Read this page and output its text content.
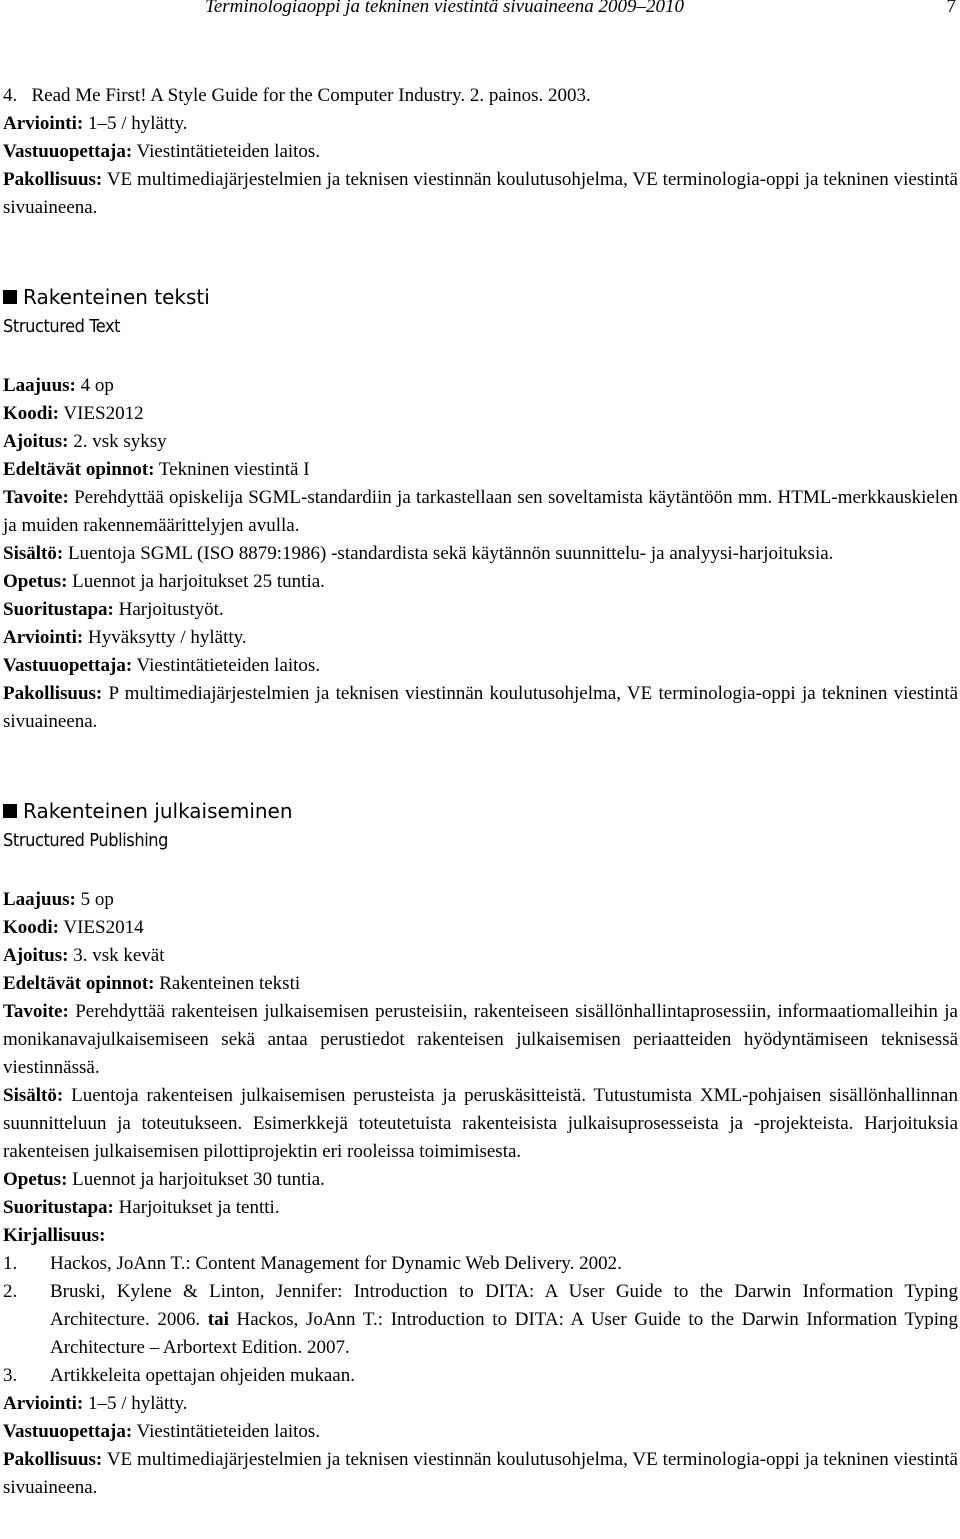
Terminologiaoppi ja tekninen viestintä sivuaineena 2009–2010	7
4.   Read Me First! A Style Guide for the Computer Industry. 2. painos. 2003.
Arviointi: 1–5 / hylätty.
Vastuuopettaja: Viestintätieteiden laitos.
Pakollisuus: VE multimediajärjestelmien ja teknisen viestinnän koulutusohjelma, VE terminologia-oppi ja tekninen viestintä sivuaineena.
Rakenteinen teksti
Structured Text
Laajuus: 4 op
Koodi: VIES2012
Ajoitus: 2. vsk syksy
Edeltävät opinnot: Tekninen viestintä I
Tavoite: Perehdyttää opiskelija SGML-standardiin ja tarkastellaan sen soveltamista käytäntöön mm. HTML-merkkauskielen ja muiden rakennemäärittelyjen avulla.
Sisältö: Luentoja SGML (ISO 8879:1986) -standardista sekä käytännön suunnittelu- ja analyysi-harjoituksia.
Opetus: Luennot ja harjoitukset 25 tuntia.
Suoritustapa: Harjoitustyöt.
Arviointi: Hyväksytty / hylätty.
Vastuuopettaja: Viestintätieteiden laitos.
Pakollisuus: P multimediajärjestelmien ja teknisen viestinnän koulutusohjelma, VE terminologia-oppi ja tekninen viestintä sivuaineena.
Rakenteinen julkaiseminen
Structured Publishing
Laajuus: 5 op
Koodi: VIES2014
Ajoitus: 3. vsk kevät
Edeltävät opinnot: Rakenteinen teksti
Tavoite: Perehdyttää rakenteisen julkaisemisen perusteisiin, rakenteiseen sisällönhallintaprosessiin, informaatiomalleihin ja monikanavajulkaisemiseen sekä antaa perustiedot rakenteisen julkaisemisen periaatteiden hyödyntämiseen teknisessä viestinnässä.
Sisältö: Luentoja rakenteisen julkaisemisen perusteista ja peruskäsitteistä. Tutustumista XML-pohjaisen sisällönhallinnan suunnitteluun ja toteutukseen. Esimerkkejä toteutetuista rakenteisista julkaisuprosesseista ja -projekteista. Harjoituksia rakenteisen julkaisemisen pilottiprojektin eri rooleissa toimimisesta.
Opetus: Luennot ja harjoitukset 30 tuntia.
Suoritustapa: Harjoitukset ja tentti.
Kirjallisuus:
1. Hackos, JoAnn T.: Content Management for Dynamic Web Delivery. 2002.
2. Bruski, Kylene & Linton, Jennifer: Introduction to DITA: A User Guide to the Darwin Information Typing Architecture. 2006. tai Hackos, JoAnn T.: Introduction to DITA: A User Guide to the Darwin Information Typing Architecture – Arbortext Edition. 2007.
3. Artikkeleita opettajan ohjeiden mukaan.
Arviointi: 1–5 / hylätty.
Vastuuopettaja: Viestintätieteiden laitos.
Pakollisuus: VE multimediajärjestelmien ja teknisen viestinnän koulutusohjelma, VE terminologia-oppi ja tekninen viestintä sivuaineena.
